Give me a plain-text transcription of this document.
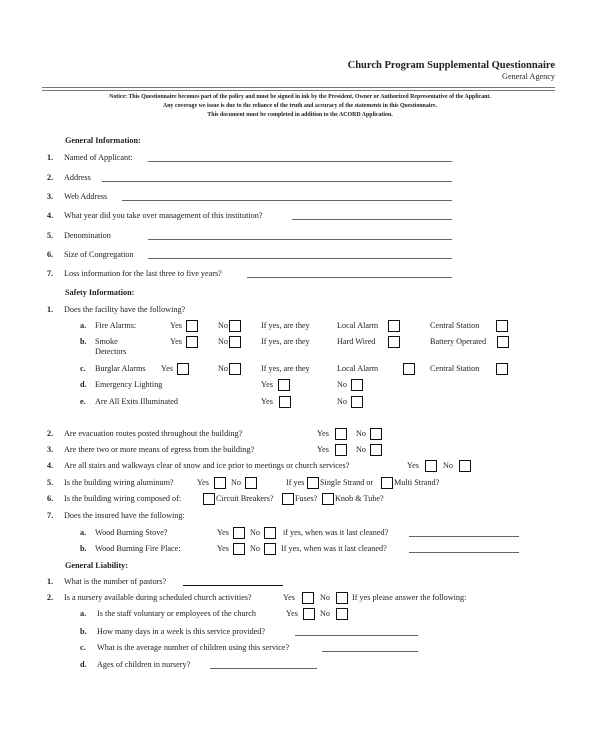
Church Program Supplemental Questionnaire
General Agency
Notice: This Questionnaire becomes part of the policy and must be signed in ink by the President, Owner or Authorized Representative of the Applicant.
Any coverage we issue is due to the reliance of the truth and accuracy of the statements in this Questionnaire.
This document must be completed in addition to the ACORD Application.
General Information:
1. Named of Applicant:
2. Address
3. Web Address
4. What year did you take over management of this institution?
5. Denomination
6. Size of Congregation
7. Loss information for the last three to five years?
Safety Information:
1. Does the facility have the following?
a. Fire Alarms:	Yes	No	If yes, are they	Local Alarm	Central Station
b. Smoke
Detectors
Yes	No	If yes, are they	Hard Wired	Battery Operated
c. Burglar Alarms Yes	No	If yes, are they	Local Alarm	Central Station
d. Emergency Lighting	Yes	No
e. Are All Exits Illuminated	Yes	No
2. Are evacuation routes posted throughout the building?	Yes	No
3. Are there two or more means of egress from the building?	Yes	No
4. Are all stairs and walkways clear of snow and ice prior to meetings or church services?	Yes	No
5. Is the building wiring aluminum?	Yes	No	If yes Single Strand or	Multi Strand?
6. Is the building wiring composed of:	Circuit Breakers?	Fuses? Knob & Tube?
7. Does the insured have the following:
a. Wood Burning Stove?	Yes	No	if yes, when was it last cleaned?
b. Wood Burning Fire Place:	Yes	No	If yes, when was it last cleaned?
General Liability:
1. What is the number of pastors?
2. Is a nursery available during scheduled church activities?	Yes	No	If yes please answer the following:
a. Is the staff voluntary or employees of the church	Yes	No
b. How many days in a week is this service provided?
c. What is the average number of children using this service?
d. Ages of children in nursery?
